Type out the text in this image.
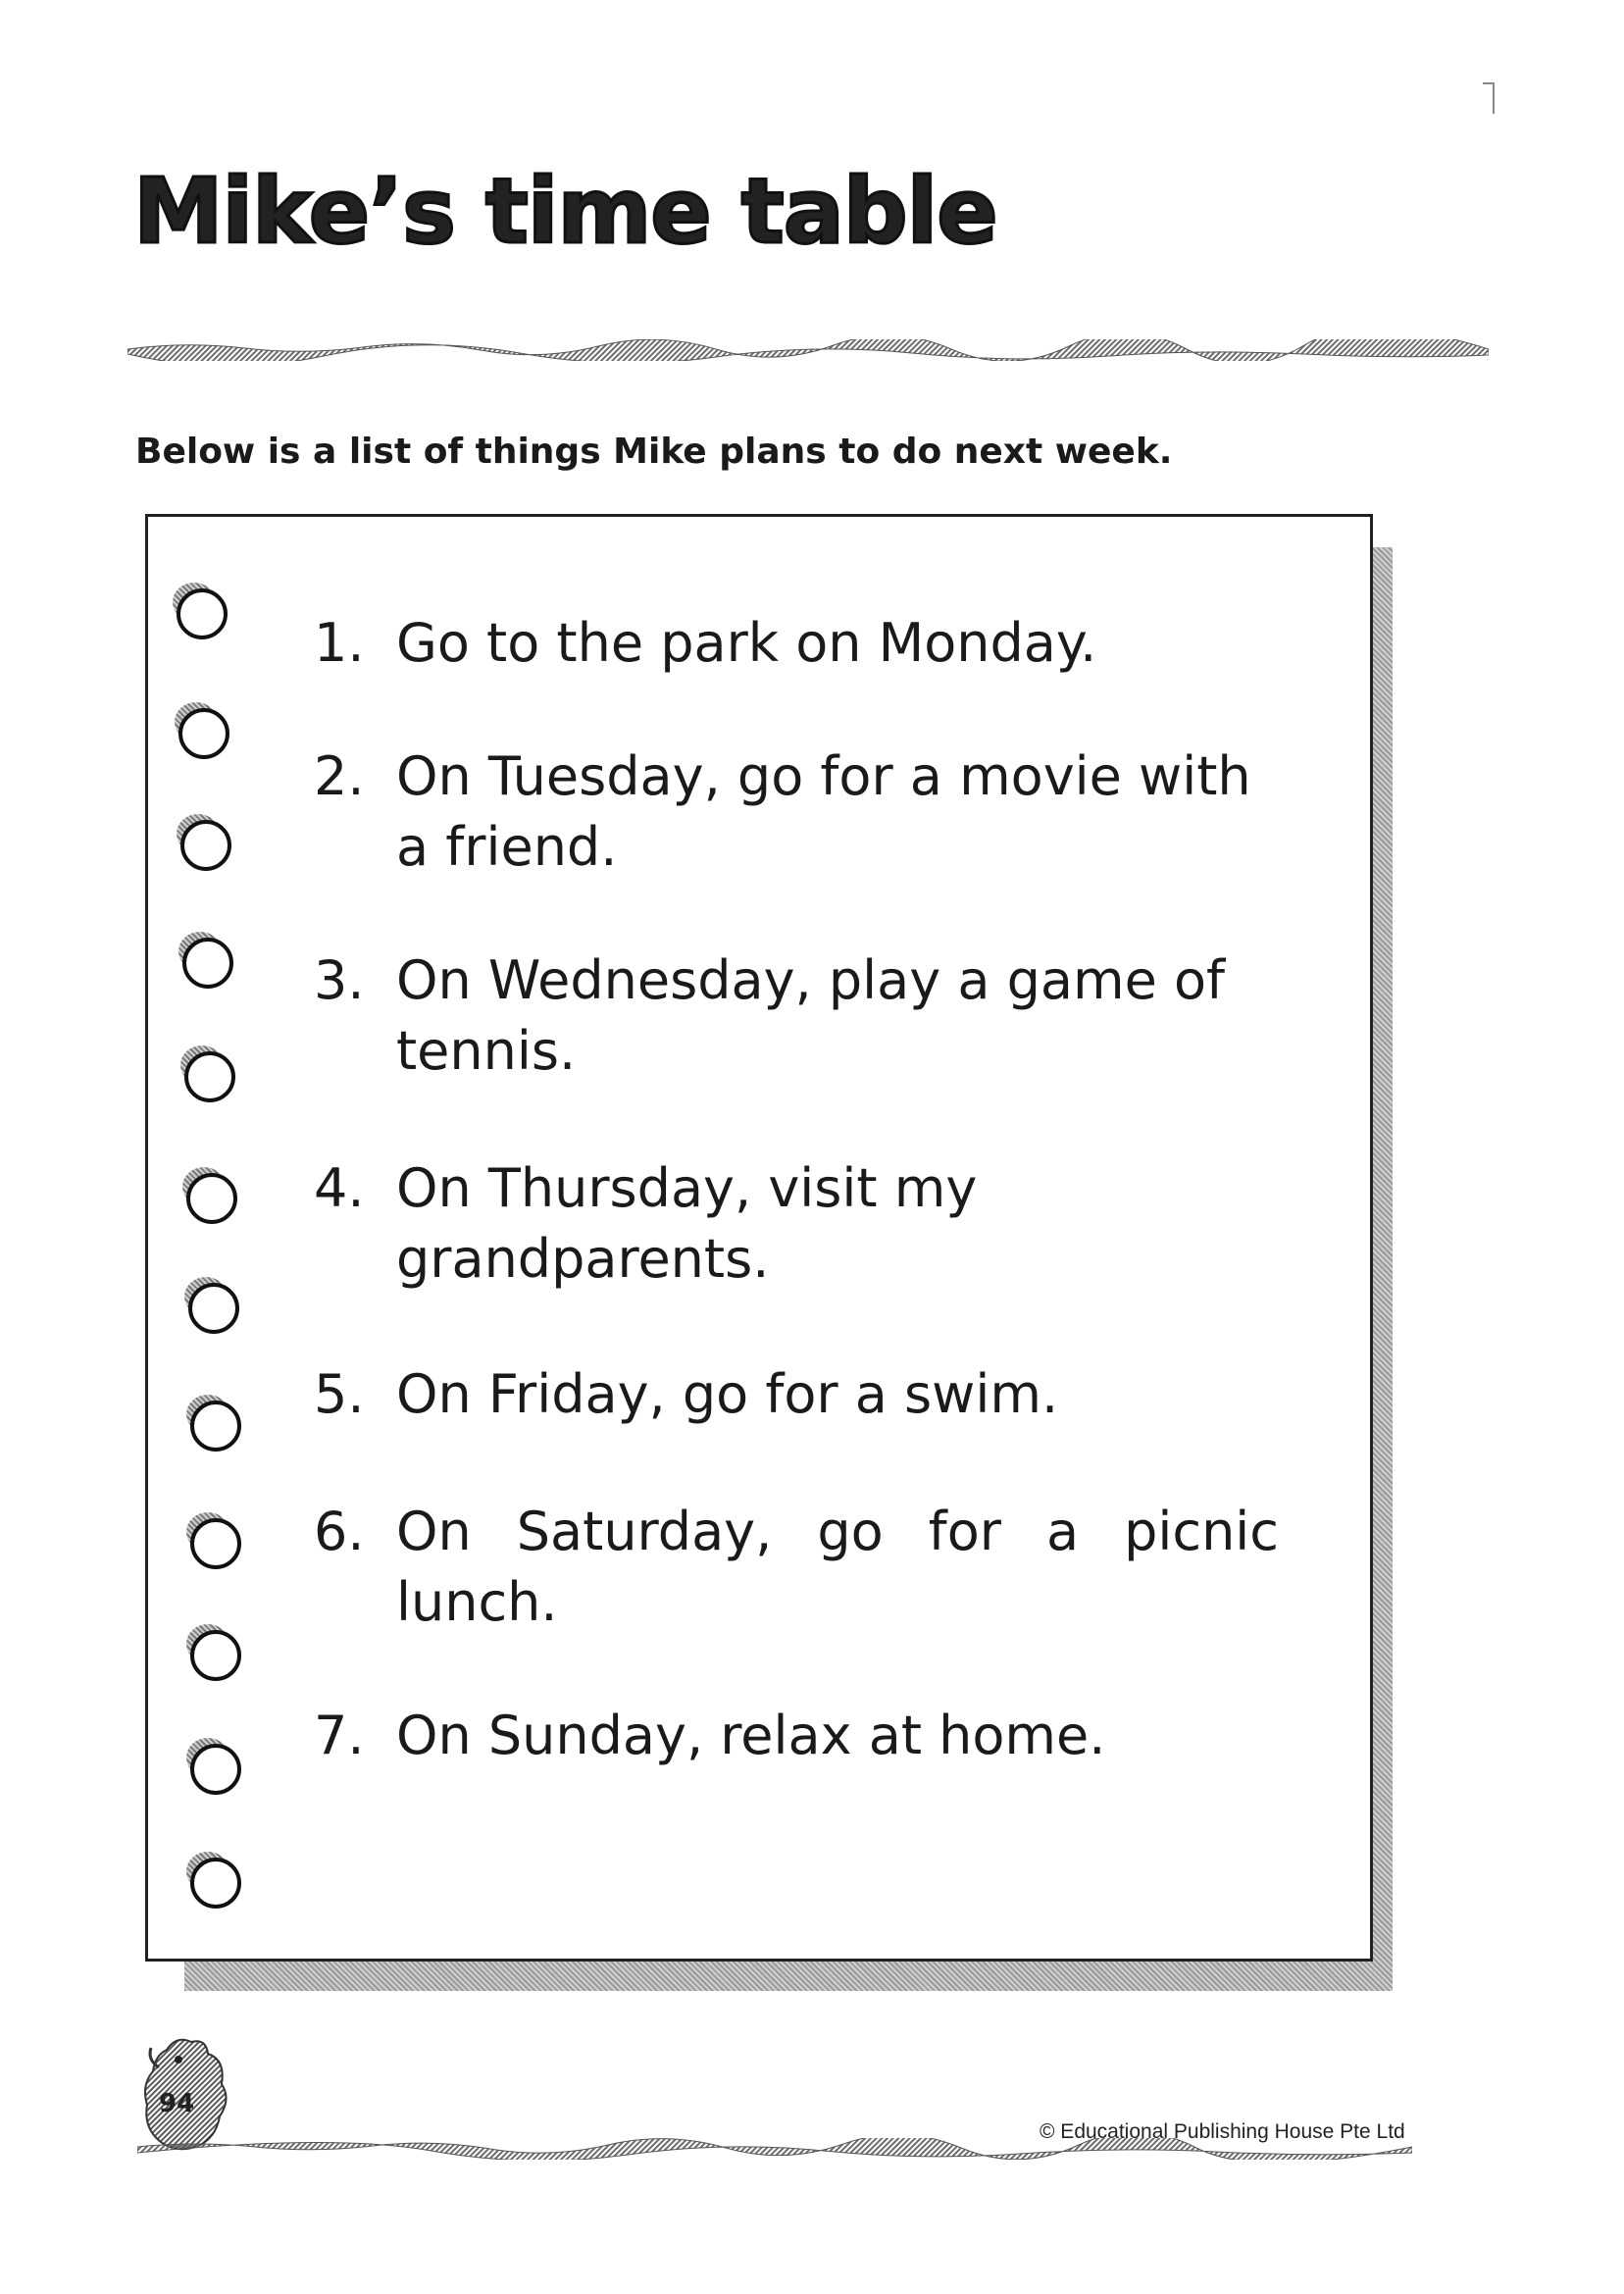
Mike’s time table

Below is a list of things Mike plans to do next week.

1. Go to the park on Monday.
2. On Tuesday, go for a movie with a friend.
3. On Wednesday, play a game of tennis.
4. On Thursday, visit my grandparents.
5. On Friday, go for a swim.
6. On Saturday, go for a picnic lunch.
7. On Sunday, relax at home.
94
© Educational Publishing House Pte Ltd
